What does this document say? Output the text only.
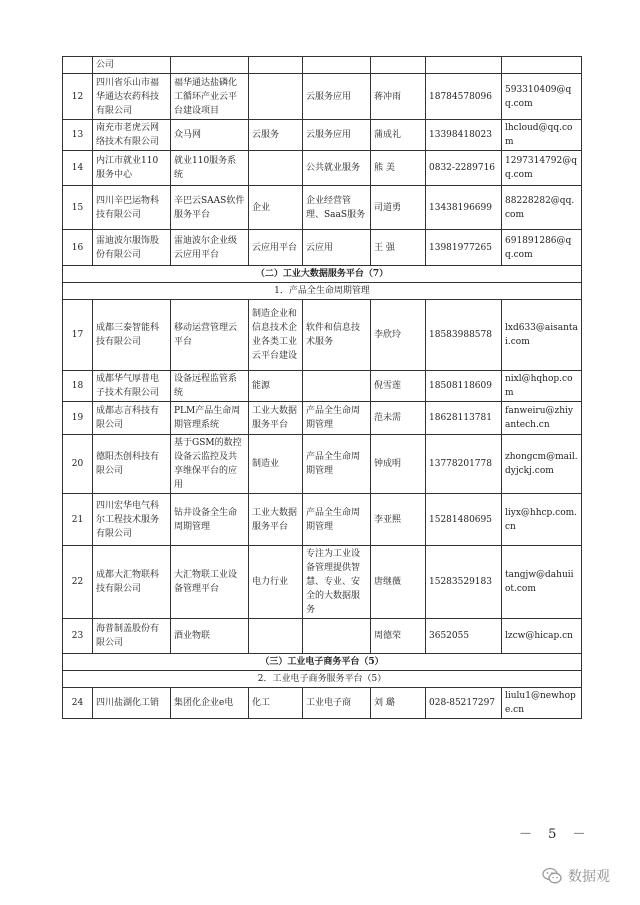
	公司						
12	四川省乐山市福华通达农药科技有限公司	福华通达盐磷化工循环产业云平台建设项目		云服务应用	蒋冲雨	18784578096	593310409@qq.com
13	南充市老虎云网络技术有限公司	众马网	云服务	云服务应用	蒲成礼	13398418023	lhcloud@qq.com
14	内江市就业110服务中心	就业110服务系统		公共就业服务	熊 美	0832-2289716	1297314792@qq.com
15	四川辛巴运物科技有限公司	辛巴云SAAS软件服务平台	企业	企业经营管理、SaaS服务	司道勇	13438196699	88228282@qq.com
16	雷迪波尔服饰股份有限公司	雷迪波尔企业级云应用平台	云应用平台	云应用	王 强	13981977265	691891286@qq.com
（二）工业大数据服务平台（7）							
1．产品全生命周期管理							
17	成都三泰智能科技有限公司	移动运营管理云平台	制造企业和信息技术企业各类工业云平台建设	软件和信息技术服务	李欣玲	18583988578	lxd633@aisantai.com
18	成都华气厚普电子技术有限公司	设备远程监管系统	能源		倪雪莲	18508118609	nixl@hqhop.com
19	成都志言科技有限公司	PLM产品生命周期管理系统	工业大数据服务平台	产品全生命周期管理	范未需	18628113781	fanweiru@zhiyantech.cn
20	德阳杰创科技有限公司	基于GSM的数控设备云监控及共享维保平台的应用	制造业	产品全生命周期管理	钟成明	13778201778	zhongcm@mail.dyjckj.com
21	四川宏华电气科尔工程技术服务有限公司	钻井设备全生命周期管理	工业大数据服务平台	产品全生命周期管理	李亚熙	15281480695	liyx@hhcp.com.cn
22	成都大汇物联科技有限公司	大汇物联工业设备管理平台	电力行业	专注为工业设备管理提供智慧、专业、安全的大数据服务	唐继薇	15283529183	tangjw@dahuiiot.com
23	海普制盖股份有限公司	酒业物联			周德荣	3652055	lzcw@hicap.cn
（三）工业电子商务平台（5）							
2．工业电子商务服务平台（5）							
24	四川盐湖化工销	集团化企业e电	化工	工业电子商	刘 璐	028-85217297	liulu1@newhope.cn
－ 5 －
数据观
